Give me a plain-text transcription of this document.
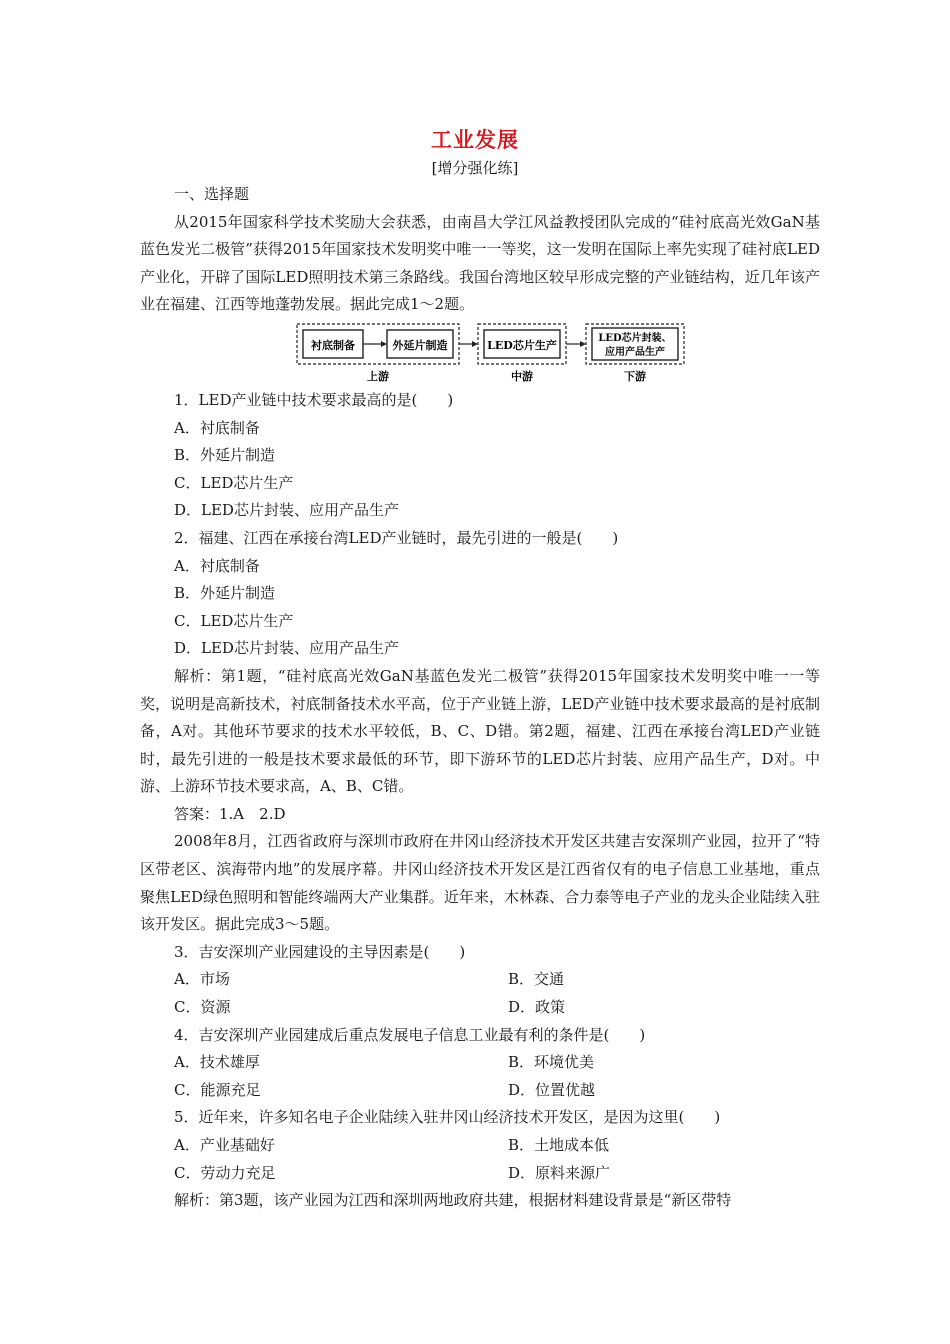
工业发展
[增分强化练]

一、选择题

从2015年国家科学技术奖励大会获悉，由南昌大学江风益教授团队完成的“硅衬底高光效GaN基蓝色发光二极管”获得2015年国家技术发明奖中唯一一等奖，这一发明在国际上率先实现了硅衬底LED产业化，开辟了国际LED照明技术第三条路线。我国台湾地区较早形成完整的产业链结构，近几年该产业在福建、江西等地蓬勃发展。据此完成1～2题。

衬底制备	外延片制造
上游
LED芯片生产
中游
LED芯片封装、
应用产品生产
下游

1．LED产业链中技术要求最高的是(　　)

A．衬底制备

B．外延片制造

C．LED芯片生产

D．LED芯片封装、应用产品生产

2．福建、江西在承接台湾LED产业链时，最先引进的一般是(　　)

A．衬底制备

B．外延片制造

C．LED芯片生产

D．LED芯片封装、应用产品生产

解析：第1题，“硅衬底高光效GaN基蓝色发光二极管”获得2015年国家技术发明奖中唯一一等奖，说明是高新技术，衬底制备技术水平高，位于产业链上游，LED产业链中技术要求最高的是衬底制备，A对。其他环节要求的技术水平较低，B、C、D错。第2题，福建、江西在承接台湾LED产业链时，最先引进的一般是技术要求最低的环节，即下游环节的LED芯片封装、应用产品生产，D对。中游、上游环节技术要求高，A、B、C错。

答案：1.A　2.D

2008年8月，江西省政府与深圳市政府在井冈山经济技术开发区共建吉安深圳产业园，拉开了“特区带老区、滨海带内地”的发展序幕。井冈山经济技术开发区是江西省仅有的电子信息工业基地，重点聚焦LED绿色照明和智能终端两大产业集群。近年来，木林森、合力泰等电子产业的龙头企业陆续入驻该开发区。据此完成3～5题。

3．吉安深圳产业园建设的主导因素是(　　)

A．市场	B．交通

C．资源	D．政策

4．吉安深圳产业园建成后重点发展电子信息工业最有利的条件是(　　)

A．技术雄厚	B．环境优美

C．能源充足	D．位置优越

5．近年来，许多知名电子企业陆续入驻井冈山经济技术开发区，是因为这里(　　)

A．产业基础好	B．土地成本低

C．劳动力充足	D．原料来源广

解析：第3题，该产业园为江西和深圳两地政府共建，根据材料建设背景是“新区带特
